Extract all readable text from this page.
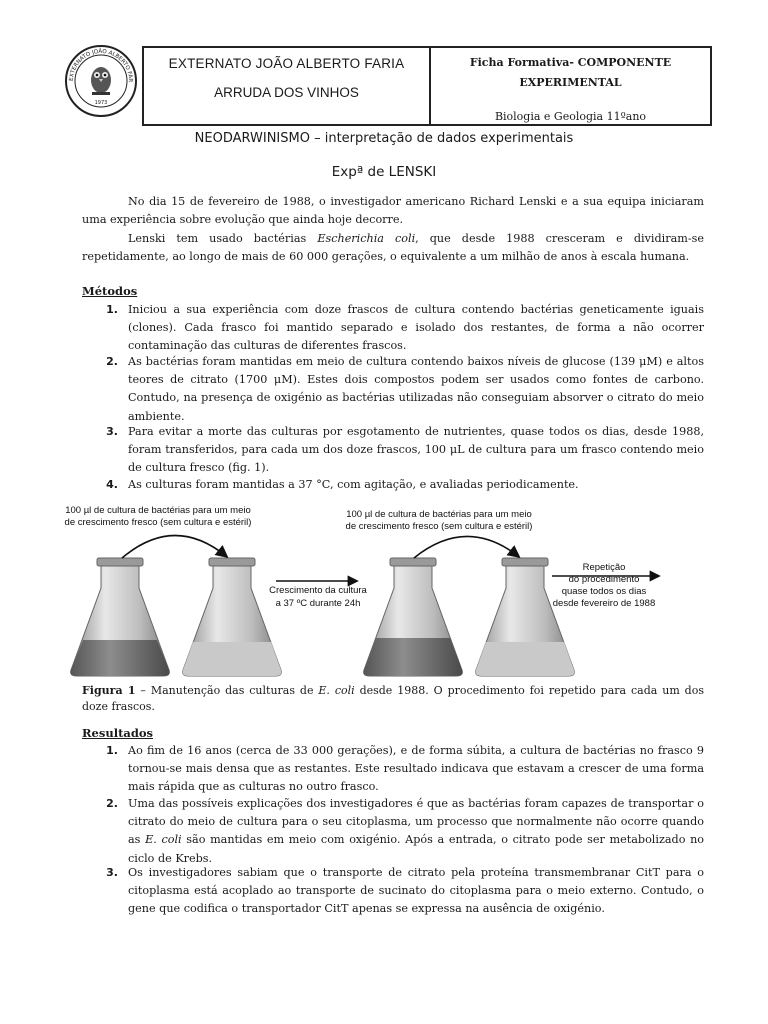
EXTERNATO JOÃO ALBERTO FAR
1973
EXTERNATO JOÃO ALBERTO FARIA
ARRUDA DOS VINHOS
Ficha Formativa- COMPONENTE
EXPERIMENTAL
Biologia e Geologia 11ºano
NEODARWINISMO – interpretação de dados experimentais
Expª de LENSKI

No dia 15 de fevereiro de 1988, o investigador americano Richard Lenski e a sua equipa iniciaram uma experiência sobre evolução que ainda hoje decorre.

Lenski tem usado bactérias Escherichia coli, que desde 1988 cresceram e dividiram-se repetidamente, ao longo de mais de 60 000 gerações, o equivalente a um milhão de anos à escala humana.

Métodos
1. Iniciou a sua experiência com doze frascos de cultura contendo bactérias geneticamente iguais (clones). Cada frasco foi mantido separado e isolado dos restantes, de forma a não ocorrer contaminação das culturas de diferentes frascos.
2. As bactérias foram mantidas em meio de cultura contendo baixos níveis de glucose (139 μM) e altos teores de citrato (1700 μM). Estes dois compostos podem ser usados como fontes de carbono. Contudo, na presença de oxigénio as bactérias utilizadas não conseguiam absorver o citrato do meio ambiente.
3. Para evitar a morte das culturas por esgotamento de nutrientes, quase todos os dias, desde 1988, foram transferidos, para cada um dos doze frascos, 100 μL de cultura para um frasco contendo meio de cultura fresco (fig. 1).
4. As culturas foram mantidas a 37 °C, com agitação, e avaliadas periodicamente.
100 µl de cultura de bactérias para um meio
de crescimento fresco (sem cultura e estéril)
Crescimento da cultura
a 37 ºC durante 24h
100 µl de cultura de bactérias para um meio
de crescimento fresco (sem cultura e estéril)
Repetição
do procedimento
quase todos os dias
desde fevereiro de 1988

Figura 1 – Manutenção das culturas de E. coli desde 1988. O procedimento foi repetido para cada um dos doze frascos.

Resultados
1. Ao fim de 16 anos (cerca de 33 000 gerações), e de forma súbita, a cultura de bactérias no frasco 9 tornou-se mais densa que as restantes. Este resultado indicava que estavam a crescer de uma forma mais rápida que as culturas no outro frasco.
2. Uma das possíveis explicações dos investigadores é que as bactérias foram capazes de transportar o citrato do meio de cultura para o seu citoplasma, um processo que normalmente não ocorre quando as E. coli são mantidas em meio com oxigénio. Após a entrada, o citrato pode ser metabolizado no ciclo de Krebs.
3. Os investigadores sabiam que o transporte de citrato pela proteína transmembranar CitT para o citoplasma está acoplado ao transporte de sucinato do citoplasma para o meio externo. Contudo, o gene que codifica o transportador CitT apenas se expressa na ausência de oxigénio.
